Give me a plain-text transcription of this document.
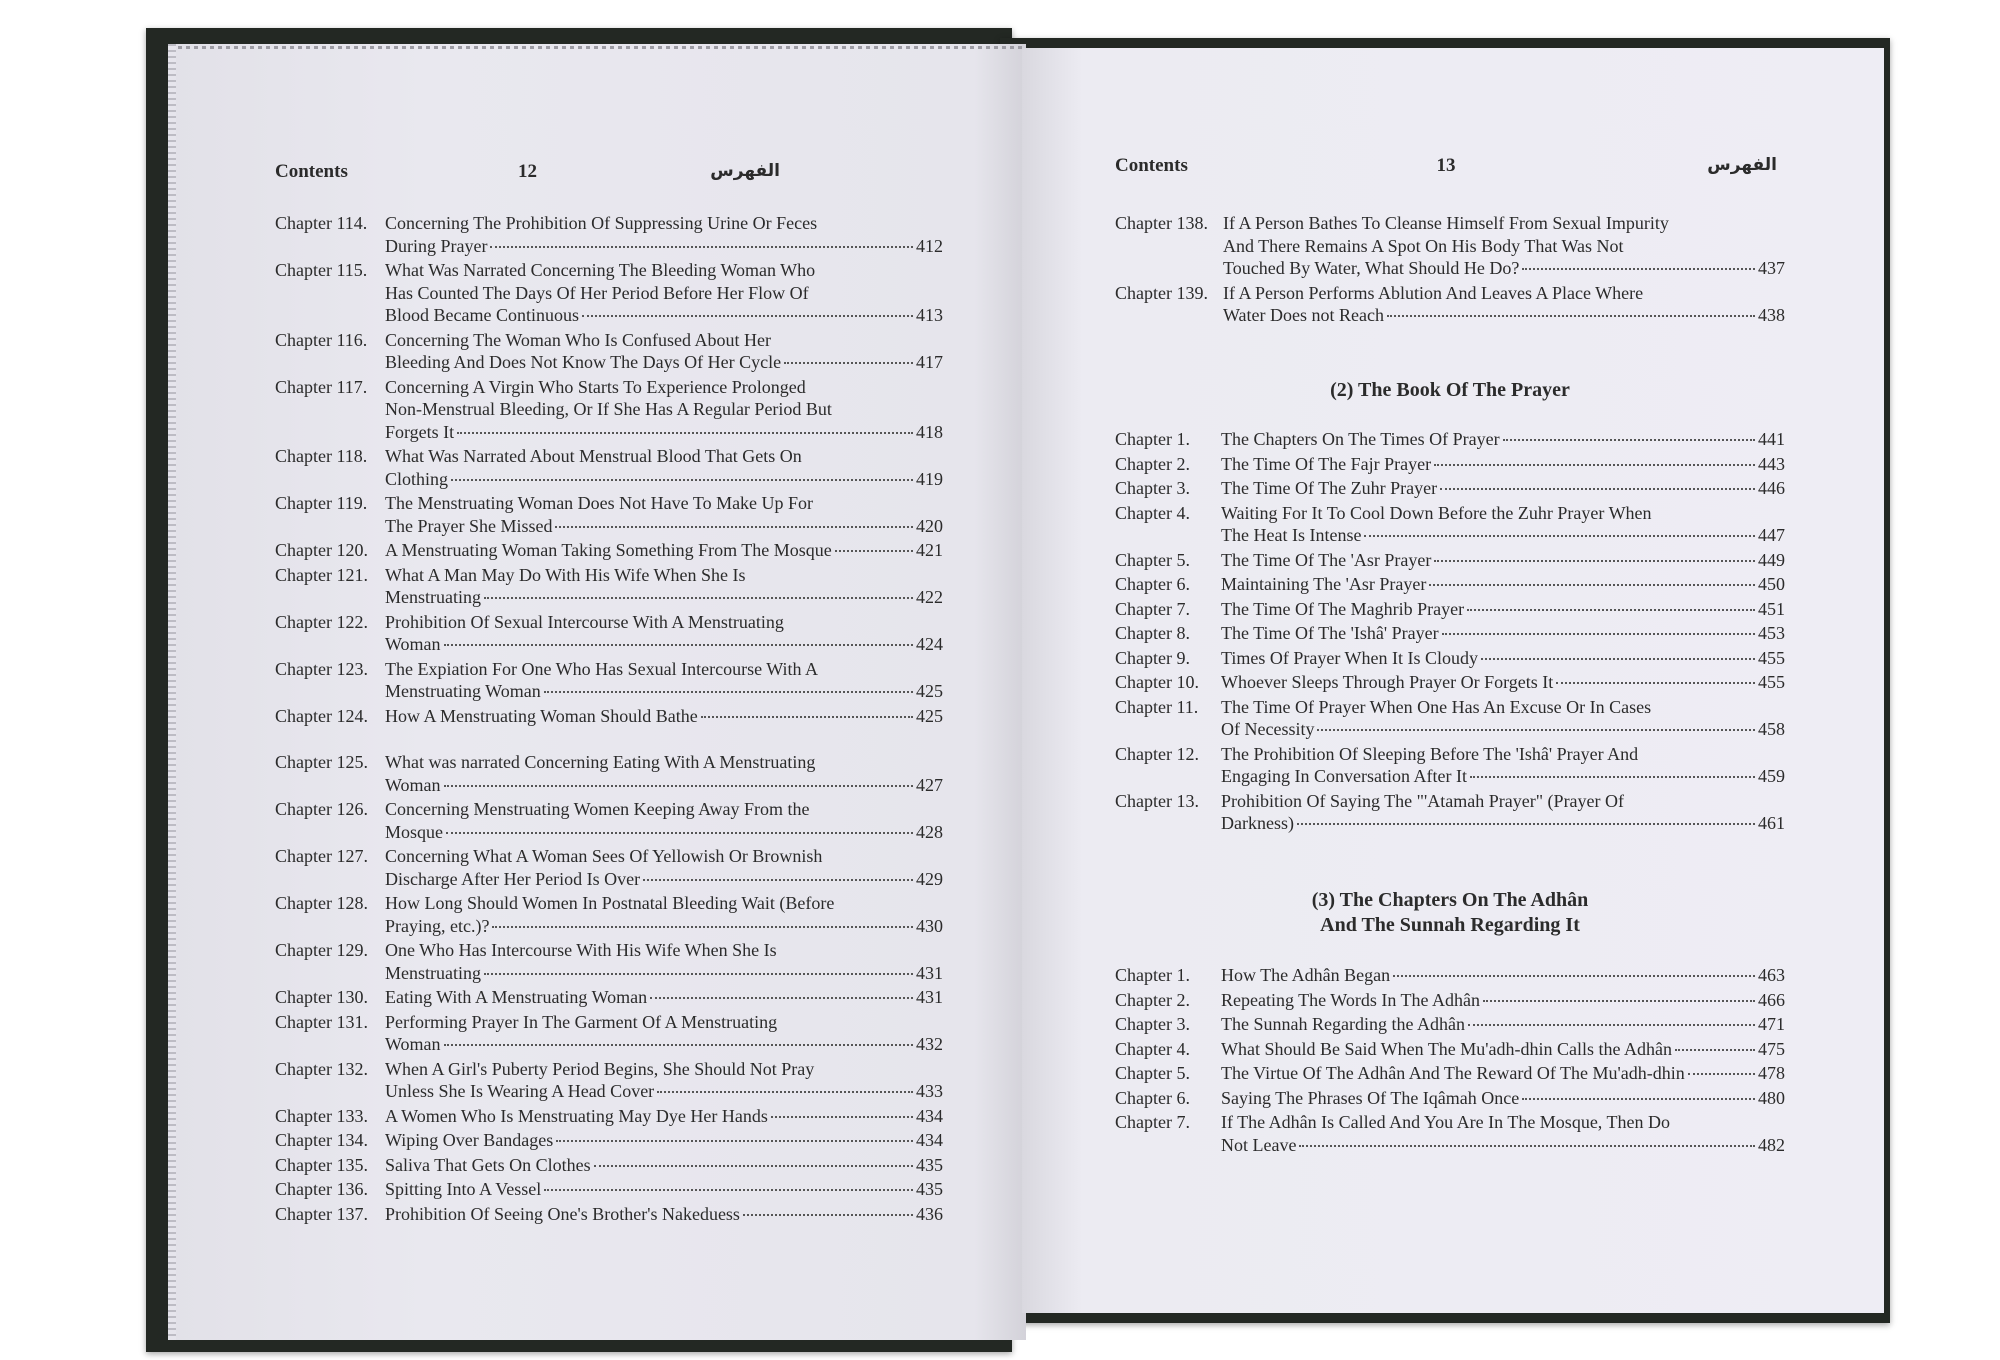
Contents	12	الفهرس
Chapter 114. Concerning The Prohibition Of Suppressing Urine Or Feces
During Prayer	412
Chapter 115. What Was Narrated Concerning The Bleeding Woman Who
Has Counted The Days Of Her Period Before Her Flow Of
Blood Became Continuous	413
Chapter 116. Concerning The Woman Who Is Confused About Her
Bleeding And Does Not Know The Days Of Her Cycle	417
Chapter 117. Concerning A Virgin Who Starts To Experience Prolonged
Non-Menstrual Bleeding, Or If She Has A Regular Period But
Forgets It	418
Chapter 118. What Was Narrated About Menstrual Blood That Gets On
Clothing	419
Chapter 119. The Menstruating Woman Does Not Have To Make Up For
The Prayer She Missed	420
Chapter 120. A Menstruating Woman Taking Something From The Mosque	421
Chapter 121. What A Man May Do With His Wife When She Is
Menstruating	422
Chapter 122. Prohibition Of Sexual Intercourse With A Menstruating
Woman	424
Chapter 123. The Expiation For One Who Has Sexual Intercourse With A
Menstruating Woman	425
Chapter 124. How A Menstruating Woman Should Bathe	425
Chapter 125. What was narrated Concerning Eating With A Menstruating
Woman	427
Chapter 126. Concerning Menstruating Women Keeping Away From the
Mosque	428
Chapter 127. Concerning What A Woman Sees Of Yellowish Or Brownish
Discharge After Her Period Is Over	429
Chapter 128. How Long Should Women In Postnatal Bleeding Wait (Before
Praying, etc.)?	430
Chapter 129. One Who Has Intercourse With His Wife When She Is
Menstruating	431
Chapter 130. Eating With A Menstruating Woman	431
Chapter 131. Performing Prayer In The Garment Of A Menstruating
Woman	432
Chapter 132. When A Girl's Puberty Period Begins, She Should Not Pray
Unless She Is Wearing A Head Cover	433
Chapter 133. A Women Who Is Menstruating May Dye Her Hands	434
Chapter 134. Wiping Over Bandages	434
Chapter 135. Saliva That Gets On Clothes	435
Chapter 136. Spitting Into A Vessel	435
Chapter 137. Prohibition Of Seeing One's Brother's Nakeduess	436
Contents	13	الفهرس
Chapter 138. If A Person Bathes To Cleanse Himself From Sexual Impurity
And There Remains A Spot On His Body That Was Not
Touched By Water, What Should He Do?	437
Chapter 139. If A Person Performs Ablution And Leaves A Place Where
Water Does not Reach	438
(2) The Book Of The Prayer
Chapter 1.	The Chapters On The Times Of Prayer	441
Chapter 2.	The Time Of The Fajr Prayer	443
Chapter 3.	The Time Of The Zuhr Prayer	446
Chapter 4.	Waiting For It To Cool Down Before the Zuhr Prayer When
The Heat Is Intense	447
Chapter 5.	The Time Of The 'Asr Prayer	449
Chapter 6.	Maintaining The 'Asr Prayer	450
Chapter 7.	The Time Of The Maghrib Prayer	451
Chapter 8.	The Time Of The 'Ishâ' Prayer	453
Chapter 9.	Times Of Prayer When It Is Cloudy	455
Chapter 10.	Whoever Sleeps Through Prayer Or Forgets It	455
Chapter 11.	The Time Of Prayer When One Has An Excuse Or In Cases
Of Necessity	458
Chapter 12.	The Prohibition Of Sleeping Before The 'Ishâ' Prayer And
Engaging In Conversation After It	459
Chapter 13.	Prohibition Of Saying The "'Atamah Prayer" (Prayer Of
Darkness)	461
(3) The Chapters On The Adhân
And The Sunnah Regarding It
Chapter 1.	How The Adhân Began	463
Chapter 2.	Repeating The Words In The Adhân	466
Chapter 3.	The Sunnah Regarding the Adhân	471
Chapter 4.	What Should Be Said When The Mu'adh-dhin Calls the Adhân	475
Chapter 5.	The Virtue Of The Adhân And The Reward Of The Mu'adh-dhin	478
Chapter 6.	Saying The Phrases Of The Iqâmah Once	480
Chapter 7.	If The Adhân Is Called And You Are In The Mosque, Then Do
Not Leave	482
